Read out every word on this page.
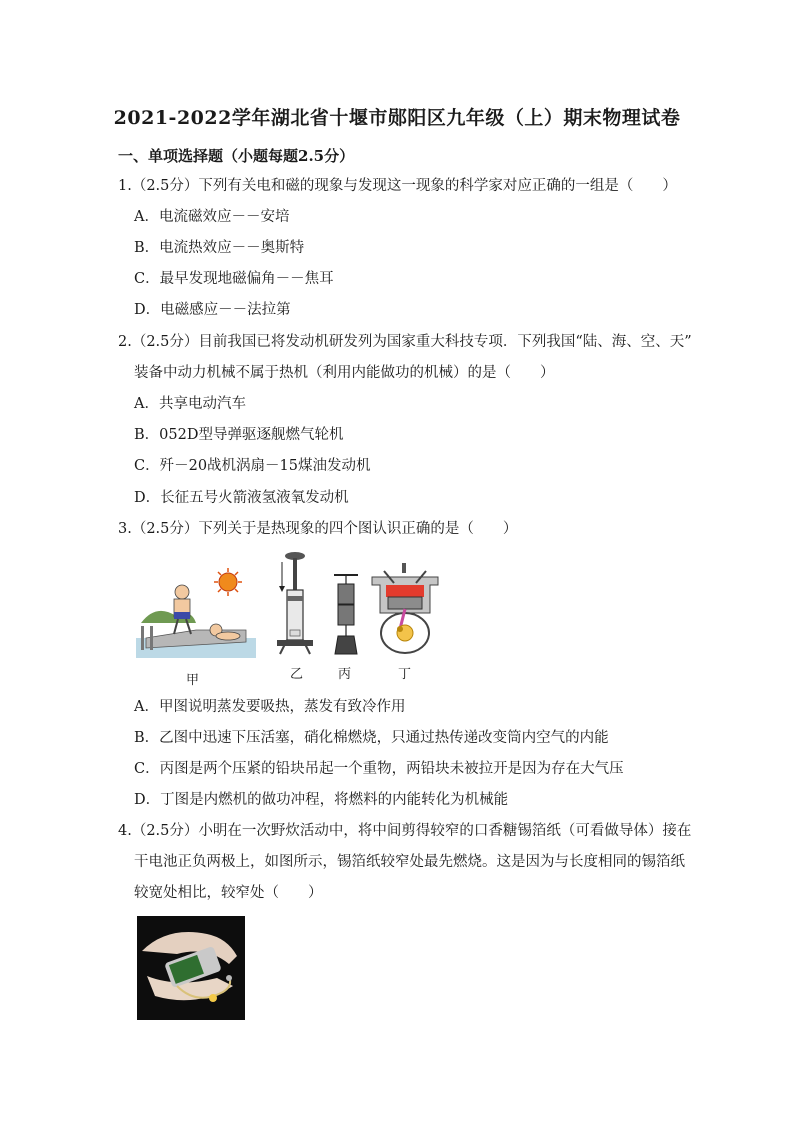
2021-2022学年湖北省十堰市郧阳区九年级（上）期末物理试卷
一、单项选择题（小题每题2.5分）
1.（2.5分）下列有关电和磁的现象与发现这一现象的科学家对应正确的一组是（　　）
A．电流磁效应－－安培
B．电流热效应－－奥斯特
C．最早发现地磁偏角－－焦耳
D．电磁感应－－法拉第
2.（2.5分）目前我国已将发动机研发列为国家重大科技专项．下列我国“陆、海、空、天”
装备中动力机械不属于热机（利用内能做功的机械）的是（　　）
A．共享电动汽车
B．052D型导弹驱逐舰燃气轮机
C．歼－20战机涡扇－15煤油发动机
D．长征五号火箭液氢液氧发动机
3.（2.5分）下列关于是热现象的四个图认识正确的是（　　）
甲	乙	丙	丁
A．甲图说明蒸发要吸热，蒸发有致冷作用
B．乙图中迅速下压活塞，硝化棉燃烧，只通过热传递改变筒内空气的内能
C．丙图是两个压紧的铅块吊起一个重物，两铅块未被拉开是因为存在大气压
D．丁图是内燃机的做功冲程，将燃料的内能转化为机械能
4.（2.5分）小明在一次野炊活动中，将中间剪得较窄的口香糖锡箔纸（可看做导体）接在
干电池正负两极上，如图所示，锡箔纸较窄处最先燃烧。这是因为与长度相同的锡箔纸
较宽处相比，较窄处（　　）
